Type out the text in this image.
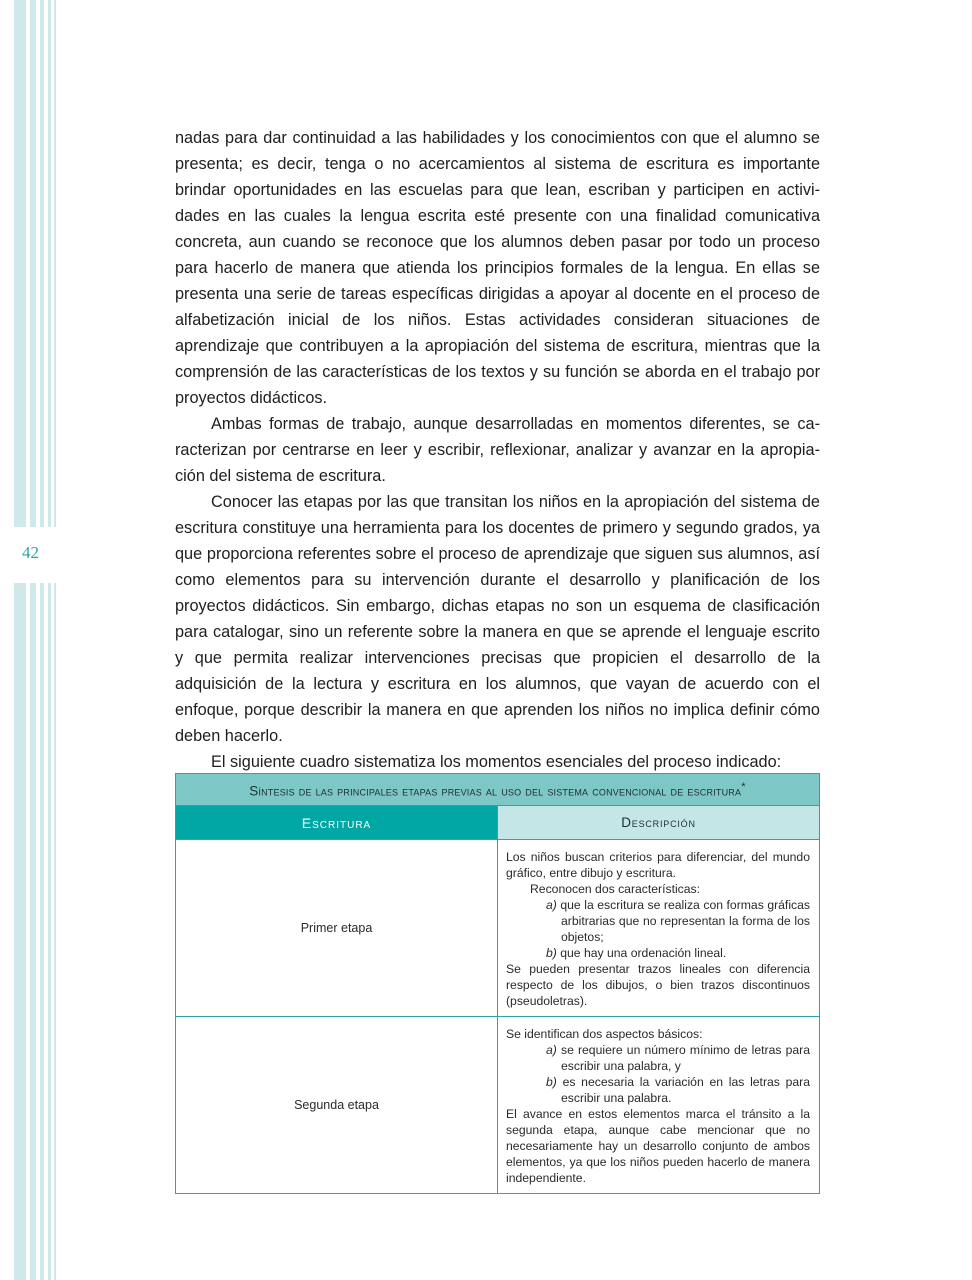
42

nadas para dar continuidad a las habilidades y los conocimientos con que el alumno se presenta; es decir, tenga o no acercamientos al sistema de escritura es importante brindar oportunidades en las escuelas para que lean, escriban y participen en actividades en las cuales la lengua escrita esté presente con una finalidad comunicativa concreta, aun cuando se reconoce que los alumnos deben pasar por todo un proceso para hacerlo de manera que atienda los principios formales de la lengua. En ellas se presenta una serie de tareas específicas dirigidas a apoyar al docente en el proceso de alfabetización inicial de los niños. Estas actividades consideran situaciones de aprendizaje que contribuyen a la apropiación del sistema de escritura, mientras que la comprensión de las características de los textos y su función se aborda en el trabajo por proyectos didácticos.

Ambas formas de trabajo, aunque desarrolladas en momentos diferentes, se caracterizan por centrarse en leer y escribir, reflexionar, analizar y avanzar en la apropiación del sistema de escritura.

Conocer las etapas por las que transitan los niños en la apropiación del sistema de escritura constituye una herramienta para los docentes de primero y segundo grados, ya que proporciona referentes sobre el proceso de aprendizaje que siguen sus alumnos, así como elementos para su intervención durante el desarrollo y planificación de los proyectos didácticos. Sin embargo, dichas etapas no son un esquema de clasificación para catalogar, sino un referente sobre la manera en que se aprende el lenguaje escrito y que permita realizar intervenciones precisas que propicien el desarrollo de la adquisición de la lectura y escritura en los alumnos, que vayan de acuerdo con el enfoque, porque describir la manera en que aprenden los niños no implica definir cómo deben hacerlo.

El siguiente cuadro sistematiza los momentos esenciales del proceso indicado:

Síntesis de las principales etapas previas al uso del sistema convencional de escritura*
Escritura	Descripción
Primer etapa	Los niños buscan criterios para diferenciar, del mundo gráfico, entre dibujo y escritura.
Reconocen dos características:
a) que la escritura se realiza con formas gráficas arbitrarias que no representan la forma de los objetos;
b) que hay una ordenación lineal.
Se pueden presentar trazos lineales con diferencia respecto de los dibujos, o bien trazos discontinuos (pseudoletras).

Segunda etapa	Se identifican dos aspectos básicos:
a) se requiere un número mínimo de letras para escribir una palabra, y
b) es necesaria la variación en las letras para escribir una palabra.
El avance en estos elementos marca el tránsito a la segunda etapa, aunque cabe mencionar que no necesariamente hay un desarrollo conjunto de ambos elementos, ya que los niños pueden hacerlo de manera independiente.
